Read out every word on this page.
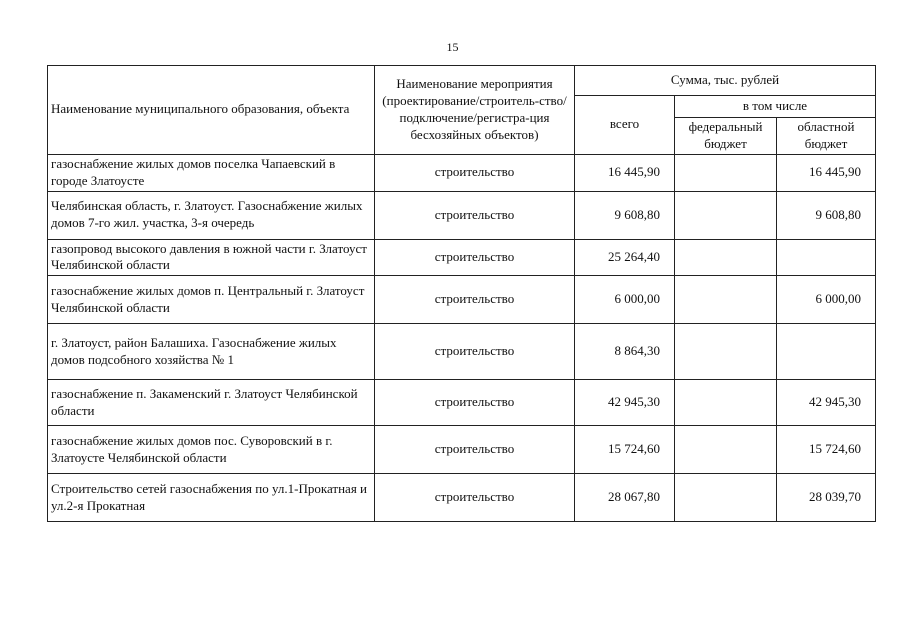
15
Наименование муниципального образования, объекта	Наименование мероприятия (проектирование/строитель-ство/подключение/регистра-ция бесхозяйных объектов)	Сумма, тыс. рублей		
		всего	в том числе	
			федеральный бюджет	областной бюджет
газоснабжение жилых домов поселка Чапаевский в городе Златоусте	строительство	16 445,90		16 445,90
Челябинская область, г. Златоуст. Газоснабжение жилых домов 7-го жил. участка, 3-я очередь	строительство	9 608,80		9 608,80
газопровод высокого давления в южной части г. Златоуст Челябинской области	строительство	25 264,40		
газоснабжение жилых домов п. Центральный г. Златоуст Челябинской области	строительство	6 000,00		6 000,00
г. Златоуст, район Балашиха. Газоснабжение жилых домов подсобного хозяйства № 1	строительство	8 864,30		
газоснабжение п. Закаменский г. Златоуст Челябинской области	строительство	42 945,30		42 945,30
газоснабжение жилых домов пос. Суворовский в г. Златоусте Челябинской области	строительство	15 724,60		15 724,60
Строительство сетей газоснабжения по ул.1-Прокатная и ул.2-я Прокатная	строительство	28 067,80		28 039,70
